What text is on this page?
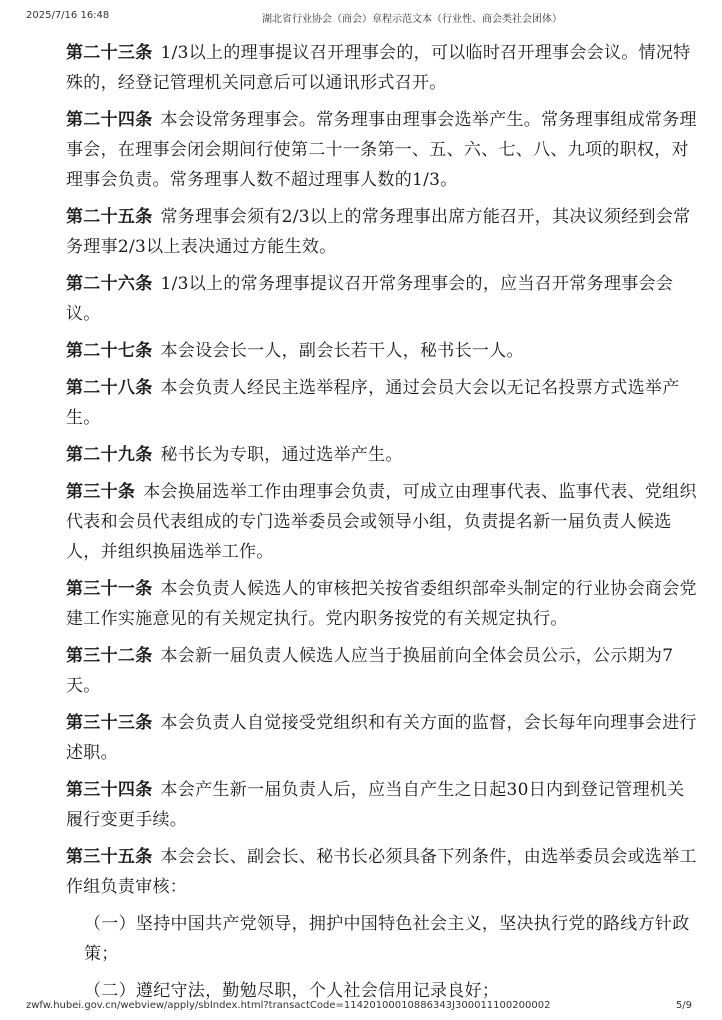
2025/7/16 16:48	湖北省行业协会（商会）章程示范文本（行业性、商会类社会团体）

第二十三条 1/3以上的理事提议召开理事会的，可以临时召开理事会会议。情况特殊的，经登记管理机关同意后可以通讯形式召开。

第二十四条 本会设常务理事会。常务理事由理事会选举产生。常务理事组成常务理事会，在理事会闭会期间行使第二十一条第一、五、六、七、八、九项的职权，对理事会负责。常务理事人数不超过理事人数的1/3。

第二十五条 常务理事会须有2/3以上的常务理事出席方能召开，其决议须经到会常务理事2/3以上表决通过方能生效。

第二十六条 1/3以上的常务理事提议召开常务理事会的，应当召开常务理事会会议。

第二十七条 本会设会长一人，副会长若干人，秘书长一人。

第二十八条 本会负责人经民主选举程序，通过会员大会以无记名投票方式选举产生。

第二十九条 秘书长为专职，通过选举产生。

第三十条 本会换届选举工作由理事会负责，可成立由理事代表、监事代表、党组织代表和会员代表组成的专门选举委员会或领导小组，负责提名新一届负责人候选人，并组织换届选举工作。

第三十一条 本会负责人候选人的审核把关按省委组织部牵头制定的行业协会商会党建工作实施意见的有关规定执行。党内职务按党的有关规定执行。

第三十二条 本会新一届负责人候选人应当于换届前向全体会员公示，公示期为7天。

第三十三条 本会负责人自觉接受党组织和有关方面的监督，会长每年向理事会进行述职。

第三十四条 本会产生新一届负责人后，应当自产生之日起30日内到登记管理机关履行变更手续。

第三十五条 本会会长、副会长、秘书长必须具备下列条件，由选举委员会或选举工作组负责审核：

（一）坚持中国共产党领导，拥护中国特色社会主义，坚决执行党的路线方针政策；

（二）遵纪守法，勤勉尽职，个人社会信用记录良好；

zwfw.hubei.gov.cn/webview/apply/sbIndex.html?transactCode=11420100010886343J300011100200002	5/9
